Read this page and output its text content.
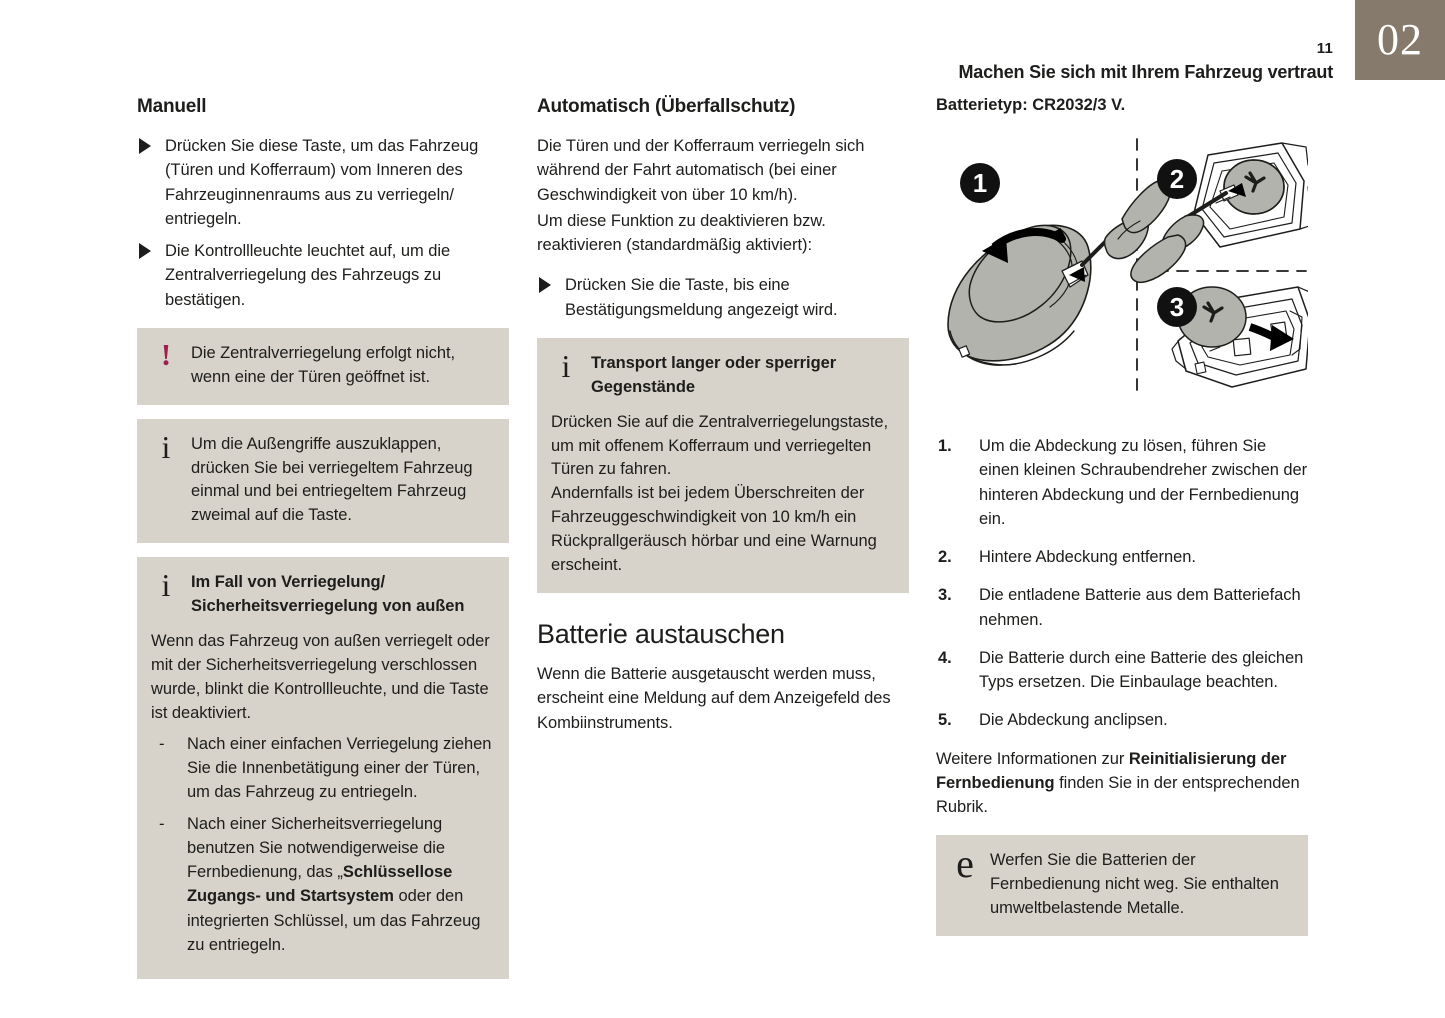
02
11
Machen Sie sich mit Ihrem Fahrzeug vertraut
Manuell
Drücken Sie diese Taste, um das Fahrzeug (Türen und Kofferraum) vom Inneren des Fahrzeuginnenraums aus zu verriegeln/ entriegeln.
Die Kontrollleuchte leuchtet auf, um die Zentralverriegelung des Fahrzeugs zu bestätigen.
!	Die Zentralverriegelung erfolgt nicht, wenn eine der Türen geöffnet ist.
i	Um die Außengriffe auszuklappen, drücken Sie bei verriegeltem Fahrzeug einmal und bei entriegeltem Fahrzeug zweimal auf die Taste.
i	Im Fall von Verriegelung/ Sicherheitsverriegelung von außen
Wenn das Fahrzeug von außen verriegelt oder mit der Sicherheitsverriegelung verschlossen wurde, blinkt die Kontrollleuchte, und die Taste ist deaktiviert.
- Nach einer einfachen Verriegelung ziehen Sie die Innenbetätigung einer der Türen, um das Fahrzeug zu entriegeln.
- Nach einer Sicherheitsverriegelung benutzen Sie notwendigerweise die Fernbedienung, das „Schlüssellose Zugangs- und Startsystem oder den integrierten Schlüssel, um das Fahrzeug zu entriegeln.
Automatisch (Überfallschutz)

Die Türen und der Kofferraum verriegeln sich während der Fahrt automatisch (bei einer Geschwindigkeit von über 10 km/h).

Um diese Funktion zu deaktivieren bzw. reaktivieren (standardmäßig aktiviert):

Drücken Sie die Taste, bis eine Bestätigungsmeldung angezeigt wird.
i	Transport langer oder sperriger Gegenstände
Drücken Sie auf die Zentralverriegelungstaste, um mit offenem Kofferraum und verriegelten Türen zu fahren.
Andernfalls ist bei jedem Überschreiten der Fahrzeuggeschwindigkeit von 10 km/h ein Rückprallgeräusch hörbar und eine Warnung erscheint.
Batterie austauschen

Wenn die Batterie ausgetauscht werden muss, erscheint eine Meldung auf dem Anzeigefeld des Kombiinstruments.

Batterietyp: CR2032/3 V.
1	2
3
1. Um die Abdeckung zu lösen, führen Sie einen kleinen Schraubendreher zwischen der hinteren Abdeckung und der Fernbedienung ein.
2. Hintere Abdeckung entfernen.
3. Die entladene Batterie aus dem Batteriefach nehmen.
4. Die Batterie durch eine Batterie des gleichen Typs ersetzen. Die Einbaulage beachten.
5. Die Abdeckung anclipsen.

Weitere Informationen zur Reinitialisierung der Fernbedienung finden Sie in der entsprechenden Rubrik.

e Werfen Sie die Batterien der Fernbedienung nicht weg. Sie enthalten umweltbelastende Metalle.
